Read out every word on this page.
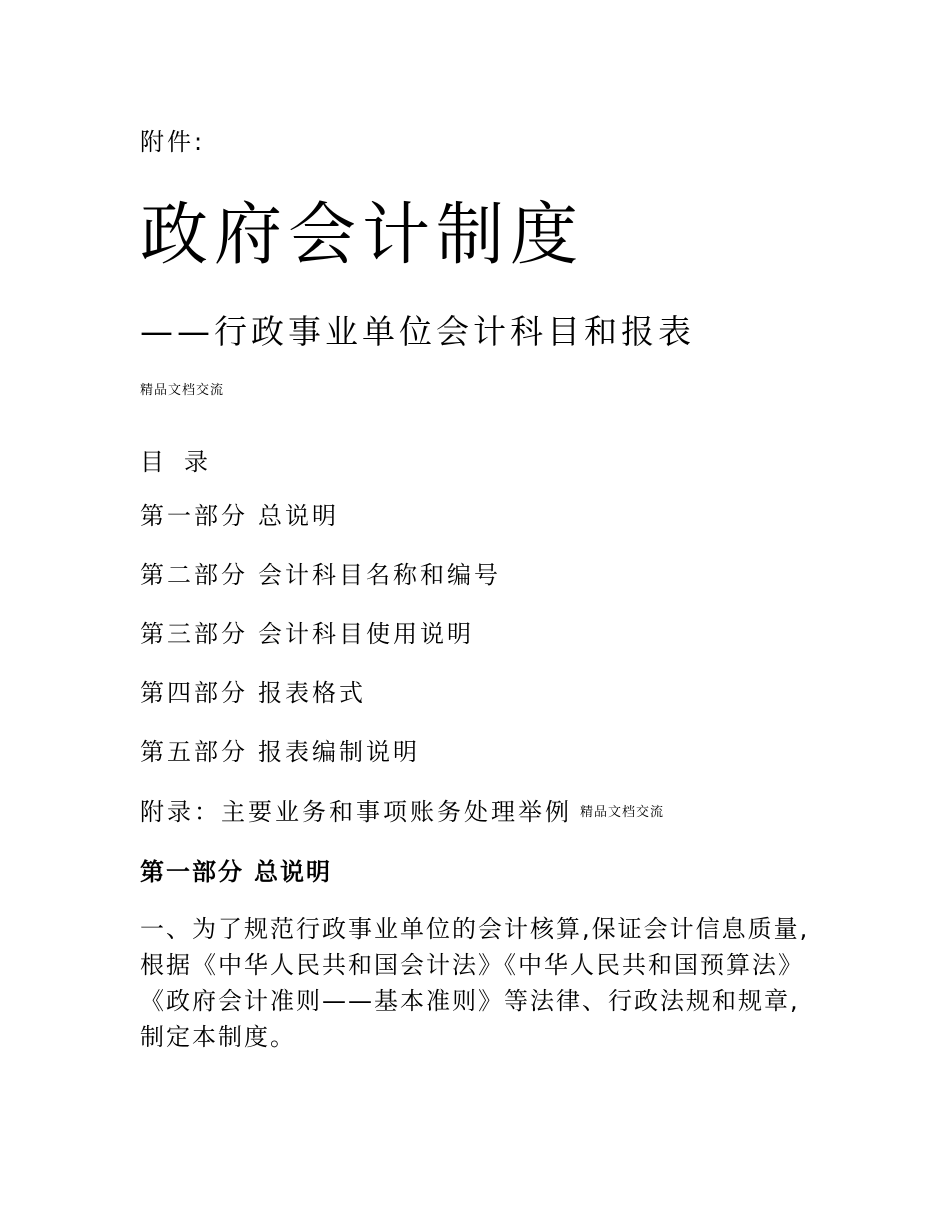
附件:
政府会计制度
——行政事业单位会计科目和报表
精品文档交流
目 录
第一部分 总说明
第二部分 会计科目名称和编号
第三部分 会计科目使用说明
第四部分 报表格式
第五部分 报表编制说明
附录：主要业务和事项账务处理举例 精品文档交流
第一部分 总说明
一、为了规范行政事业单位的会计核算,保证会计信息质量,根据《中华人民共和国会计法》《中华人民共和国预算法》《政府会计准则——基本准则》等法律、行政法规和规章,制定本制度。
